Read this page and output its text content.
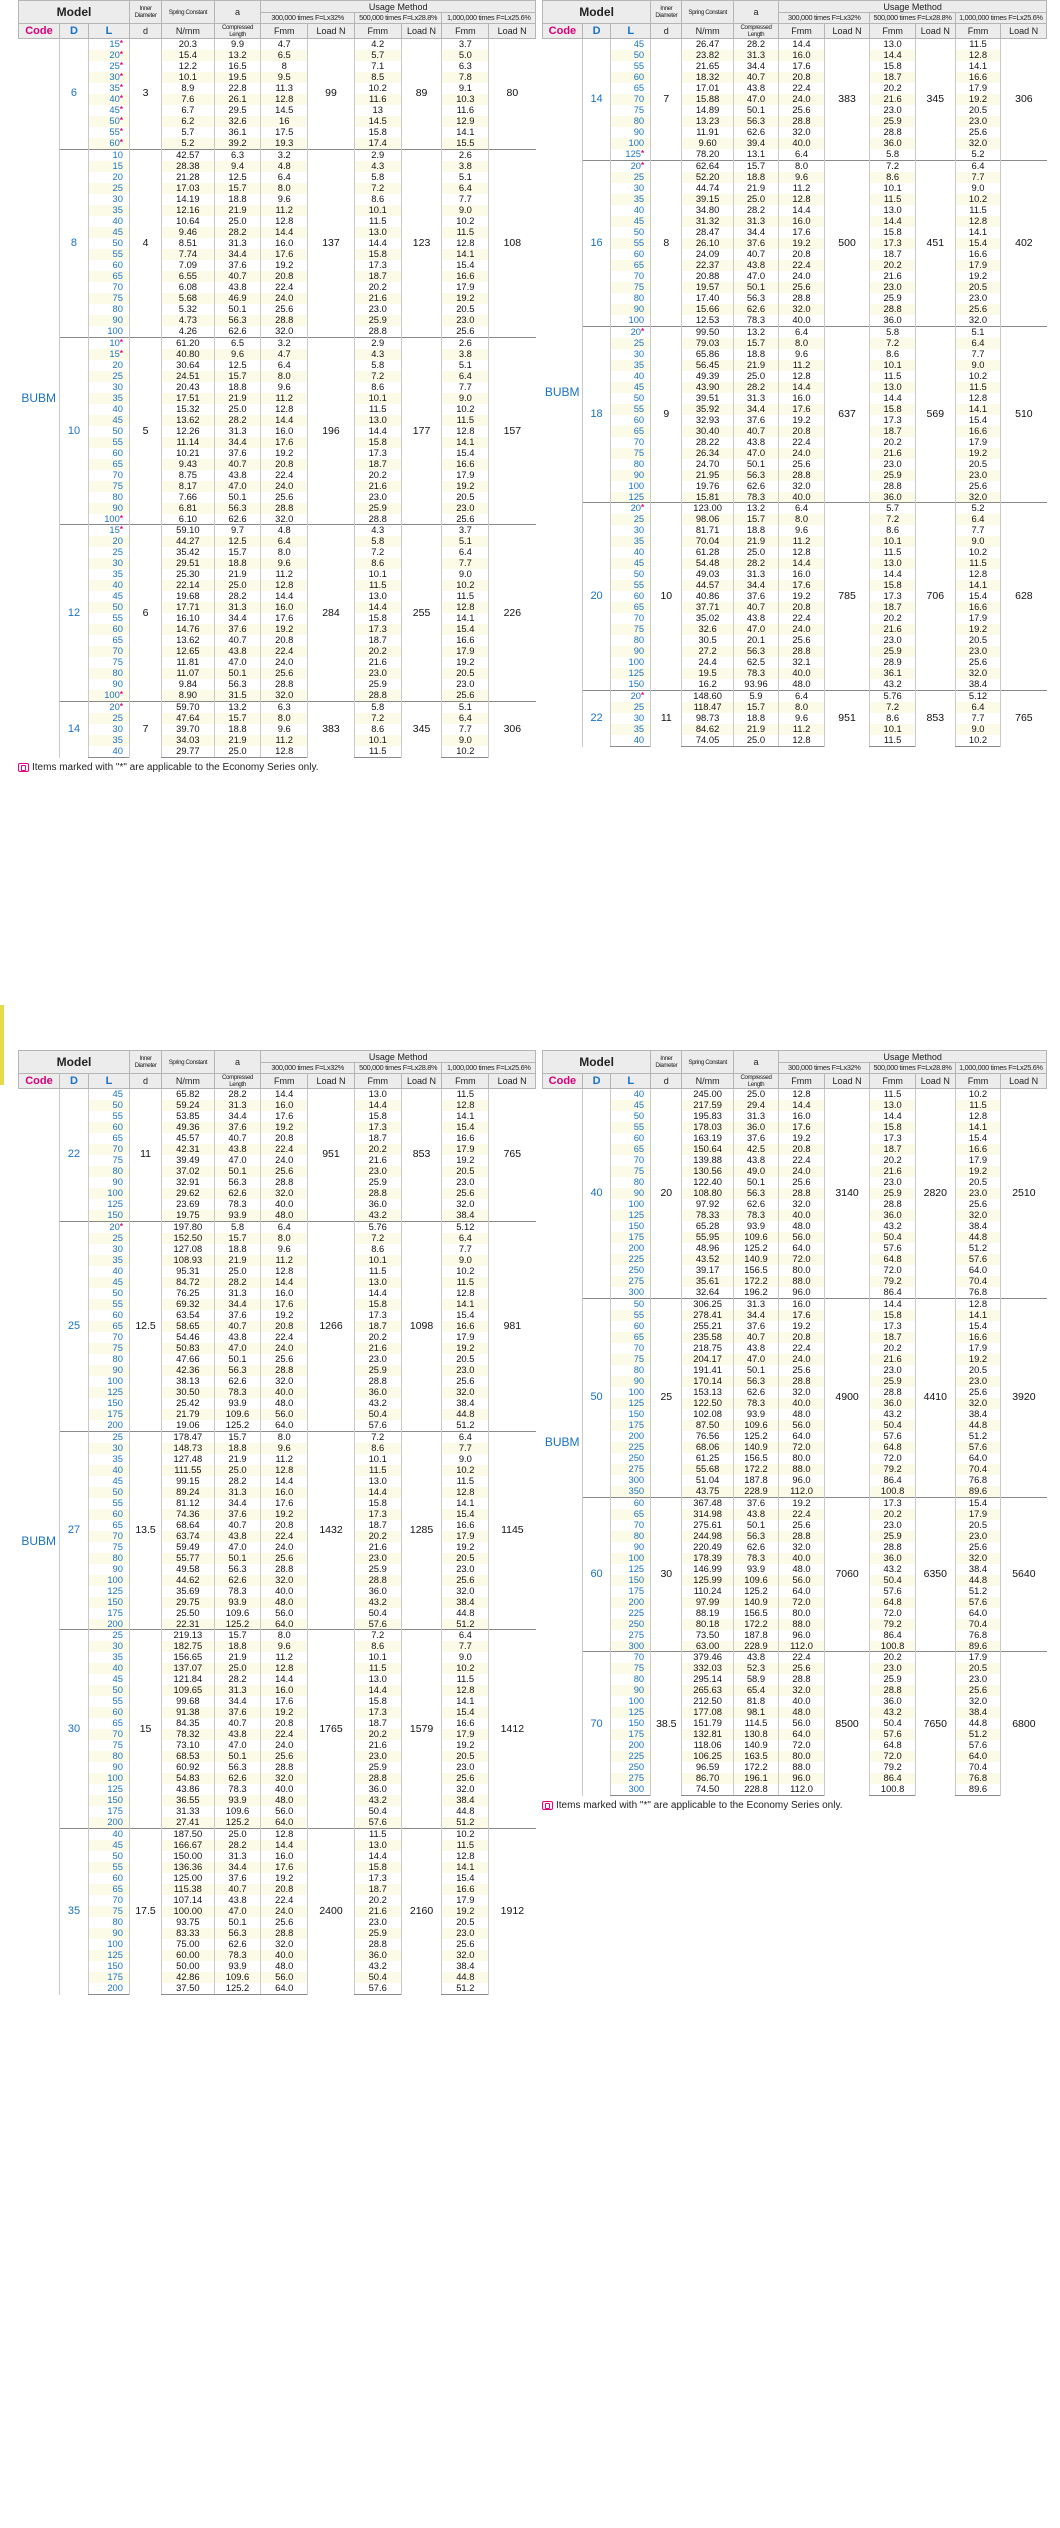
Model			Inner Diameter	Spring Constant	a	Usage Method					
						300,000 times F=Lx32%		500,000 times F=Lx28.8%		1,000,000 times F=Lx25.6%	
Code	D	L	d	N/mm	Compressed Length	Fmm	Load N	Fmm	Load N	Fmm	Load N
BUBM	6	15*	3	20.3	9.9	4.7	99	4.2	89	3.7	80
		20*		15.4	13.2	6.5		5.7		5.0	
		25*		12.2	16.5	8		7.1		6.3	
		30*		10.1	19.5	9.5		8.5		7.8	
		35*		8.9	22.8	11.3		10.2		9.1	
		40*		7.6	26.1	12.8		11.6		10.3	
		45*		6.7	29.5	14.5		13		11.6	
		50*		6.2	32.6	16		14.5		12.9	
		55*		5.7	36.1	17.5		15.8		14.1	
		60*		5.2	39.2	19.3		17.4		15.5	
	8	10	4	42.57	6.3	3.2	137	2.9	123	2.6	108
		15		28.38	9.4	4.8		4.3		3.8	
		20		21.28	12.5	6.4		5.8		5.1	
		25		17.03	15.7	8.0		7.2		6.4	
		30		14.19	18.8	9.6		8.6		7.7	
		35		12.16	21.9	11.2		10.1		9.0	
		40		10.64	25.0	12.8		11.5		10.2	
		45		9.46	28.2	14.4		13.0		11.5	
		50		8.51	31.3	16.0		14.4		12.8	
		55		7.74	34.4	17.6		15.8		14.1	
		60		7.09	37.6	19.2		17.3		15.4	
		65		6.55	40.7	20.8		18.7		16.6	
		70		6.08	43.8	22.4		20.2		17.9	
		75		5.68	46.9	24.0		21.6		19.2	
		80		5.32	50.1	25.6		23.0		20.5	
		90		4.73	56.3	28.8		25.9		23.0	
		100		4.26	62.6	32.0		28.8		25.6	
	10	10*	5	61.20	6.5	3.2	196	2.9	177	2.6	157
		15*		40.80	9.6	4.7		4.3		3.8	
		20		30.64	12.5	6.4		5.8		5.1	
		25		24.51	15.7	8.0		7.2		6.4	
		30		20.43	18.8	9.6		8.6		7.7	
		35		17.51	21.9	11.2		10.1		9.0	
		40		15.32	25.0	12.8		11.5		10.2	
		45		13.62	28.2	14.4		13.0		11.5	
		50		12.26	31.3	16.0		14.4		12.8	
		55		11.14	34.4	17.6		15.8		14.1	
		60		10.21	37.6	19.2		17.3		15.4	
		65		9.43	40.7	20.8		18.7		16.6	
		70		8.75	43.8	22.4		20.2		17.9	
		75		8.17	47.0	24.0		21.6		19.2	
		80		7.66	50.1	25.6		23.0		20.5	
		90		6.81	56.3	28.8		25.9		23.0	
		100*		6.10	62.6	32.0		28.8		25.6	
	12	15*	6	59.10	9.7	4.8	284	4.3	255	3.7	226
		20		44.27	12.5	6.4		5.8		5.1	
		25		35.42	15.7	8.0		7.2		6.4	
		30		29.51	18.8	9.6		8.6		7.7	
		35		25.30	21.9	11.2		10.1		9.0	
		40		22.14	25.0	12.8		11.5		10.2	
		45		19.68	28.2	14.4		13.0		11.5	
		50		17.71	31.3	16.0		14.4		12.8	
		55		16.10	34.4	17.6		15.8		14.1	
		60		14.76	37.6	19.2		17.3		15.4	
		65		13.62	40.7	20.8		18.7		16.6	
		70		12.65	43.8	22.4		20.2		17.9	
		75		11.81	47.0	24.0		21.6		19.2	
		80		11.07	50.1	25.6		23.0		20.5	
		90		9.84	56.3	28.8		25.9		23.0	
		100*		8.90	31.5	32.0		28.8		25.6	
	14	20*	7	59.70	13.2	6.3	383	5.8	345	5.1	306
		25		47.64	15.7	8.0		7.2		6.4	
		30		39.70	18.8	9.6		8.6		7.7	
		35		34.03	21.9	11.2		10.1		9.0	
		40		29.77	25.0	12.8		11.5		10.2	
Items marked with "*" are applicable to the Economy Series only.
Model			Inner Diameter	Spring Constant	a	Usage Method					
						300,000 times F=Lx32%		500,000 times F=Lx28.8%		1,000,000 times F=Lx25.6%	
Code	D	L	d	N/mm	Compressed Length	Fmm	Load N	Fmm	Load N	Fmm	Load N
BUBM	14	45	7	26.47	28.2	14.4	383	13.0	345	11.5	306
		50		23.82	31.3	16.0		14.4		12.8	
		55		21.65	34.4	17.6		15.8		14.1	
		60		18.32	40.7	20.8		18.7		16.6	
		65		17.01	43.8	22.4		20.2		17.9	
		70		15.88	47.0	24.0		21.6		19.2	
		75		14.89	50.1	25.6		23.0		20.5	
		80		13.23	56.3	28.8		25.9		23.0	
		90		11.91	62.6	32.0		28.8		25.6	
		100		9.60	39.4	40.0		36.0		32.0	
		125*		78.20	13.1	6.4		5.8		5.2	
	16	20*	8	62.64	15.7	8.0	500	7.2	451	6.4	402
		25		52.20	18.8	9.6		8.6		7.7	
		30		44.74	21.9	11.2		10.1		9.0	
		35		39.15	25.0	12.8		11.5		10.2	
		40		34.80	28.2	14.4		13.0		11.5	
		45		31.32	31.3	16.0		14.4		12.8	
		50		28.47	34.4	17.6		15.8		14.1	
		55		26.10	37.6	19.2		17.3		15.4	
		60		24.09	40.7	20.8		18.7		16.6	
		65		22.37	43.8	22.4		20.2		17.9	
		70		20.88	47.0	24.0		21.6		19.2	
		75		19.57	50.1	25.6		23.0		20.5	
		80		17.40	56.3	28.8		25.9		23.0	
		90		15.66	62.6	32.0		28.8		25.6	
		100		12.53	78.3	40.0		36.0		32.0	
	18	20*	9	99.50	13.2	6.4	637	5.8	569	5.1	510
		25		79.03	15.7	8.0		7.2		6.4	
		30		65.86	18.8	9.6		8.6		7.7	
		35		56.45	21.9	11.2		10.1		9.0	
		40		49.39	25.0	12.8		11.5		10.2	
		45		43.90	28.2	14.4		13.0		11.5	
		50		39.51	31.3	16.0		14.4		12.8	
		55		35.92	34.4	17.6		15.8		14.1	
		60		32.93	37.6	19.2		17.3		15.4	
		65		30.40	40.7	20.8		18.7		16.6	
		70		28.22	43.8	22.4		20.2		17.9	
		75		26.34	47.0	24.0		21.6		19.2	
		80		24.70	50.1	25.6		23.0		20.5	
		90		21.95	56.3	28.8		25.9		23.0	
		100		19.76	62.6	32.0		28.8		25.6	
		125		15.81	78.3	40.0		36.0		32.0	
	20	20*	10	123.00	13.2	6.4	785	5.7	706	5.2	628
		25		98.06	15.7	8.0		7.2		6.4	
		30		81.71	18.8	9.6		8.6		7.7	
		35		70.04	21.9	11.2		10.1		9.0	
		40		61.28	25.0	12.8		11.5		10.2	
		45		54.48	28.2	14.4		13.0		11.5	
		50		49.03	31.3	16.0		14.4		12.8	
		55		44.57	34.4	17.6		15.8		14.1	
		60		40.86	37.6	19.2		17.3		15.4	
		65		37.71	40.7	20.8		18.7		16.6	
		70		35.02	43.8	22.4		20.2		17.9	
		75		32.6	47.0	24.0		21.6		19.2	
		80		30.5	20.1	25.6		23.0		20.5	
		90		27.2	56.3	28.8		25.9		23.0	
		100		24.4	62.5	32.1		28.9		25.6	
		125		19.5	78.3	40.0		36.1		32.0	
		150		16.2	93.96	48.0		43.2		38.4	
	22	20*	11	148.60	5.9	6.4	951	5.76	853	5.12	765
		25		118.47	15.7	8.0		7.2		6.4	
		30		98.73	18.8	9.6		8.6		7.7	
		35		84.62	21.9	11.2		10.1		9.0	
		40		74.05	25.0	12.8		11.5		10.2	
Model			Inner Diameter	Spring Constant	a	Usage Method					
						300,000 times F=Lx32%		500,000 times F=Lx28.8%		1,000,000 times F=Lx25.6%	
Code	D	L	d	N/mm	Compressed Length	Fmm	Load N	Fmm	Load N	Fmm	Load N
BUBM	22	45	11	65.82	28.2	14.4	951	13.0	853	11.5	765
		50		59.24	31.3	16.0		14.4		12.8	
		55		53.85	34.4	17.6		15.8		14.1	
		60		49.36	37.6	19.2		17.3		15.4	
		65		45.57	40.7	20.8		18.7		16.6	
		70		42.31	43.8	22.4		20.2		17.9	
		75		39.49	47.0	24.0		21.6		19.2	
		80		37.02	50.1	25.6		23.0		20.5	
		90		32.91	56.3	28.8		25.9		23.0	
		100		29.62	62.6	32.0		28.8		25.6	
		125		23.69	78.3	40.0		36.0		32.0	
		150		19.75	93.9	48.0		43.2		38.4	
	25	20*	12.5	197.80	5.8	6.4	1266	5.76	1098	5.12	981
		25		152.50	15.7	8.0		7.2		6.4	
		30		127.08	18.8	9.6		8.6		7.7	
		35		108.93	21.9	11.2		10.1		9.0	
		40		95.31	25.0	12.8		11.5		10.2	
		45		84.72	28.2	14.4		13.0		11.5	
		50		76.25	31.3	16.0		14.4		12.8	
		55		69.32	34.4	17.6		15.8		14.1	
		60		63.54	37.6	19.2		17.3		15.4	
		65		58.65	40.7	20.8		18.7		16.6	
		70		54.46	43.8	22.4		20.2		17.9	
		75		50.83	47.0	24.0		21.6		19.2	
		80		47.66	50.1	25.6		23.0		20.5	
		90		42.36	56.3	28.8		25.9		23.0	
		100		38.13	62.6	32.0		28.8		25.6	
		125		30.50	78.3	40.0		36.0		32.0	
		150		25.42	93.9	48.0		43.2		38.4	
		175		21.79	109.6	56.0		50.4		44.8	
		200		19.06	125.2	64.0		57.6		51.2	
	27	25	13.5	178.47	15.7	8.0	1432	7.2	1285	6.4	1145
		30		148.73	18.8	9.6		8.6		7.7	
		35		127.48	21.9	11.2		10.1		9.0	
		40		111.55	25.0	12.8		11.5		10.2	
		45		99.15	28.2	14.4		13.0		11.5	
		50		89.24	31.3	16.0		14.4		12.8	
		55		81.12	34.4	17.6		15.8		14.1	
		60		74.36	37.6	19.2		17.3		15.4	
		65		68.64	40.7	20.8		18.7		16.6	
		70		63.74	43.8	22.4		20.2		17.9	
		75		59.49	47.0	24.0		21.6		19.2	
		80		55.77	50.1	25.6		23.0		20.5	
		90		49.58	56.3	28.8		25.9		23.0	
		100		44.62	62.6	32.0		28.8		25.6	
		125		35.69	78.3	40.0		36.0		32.0	
		150		29.75	93.9	48.0		43.2		38.4	
		175		25.50	109.6	56.0		50.4		44.8	
		200		22.31	125.2	64.0		57.6		51.2	
	30	25	15	219.13	15.7	8.0	1765	7.2	1579	6.4	1412
		30		182.75	18.8	9.6		8.6		7.7	
		35		156.65	21.9	11.2		10.1		9.0	
		40		137.07	25.0	12.8		11.5		10.2	
		45		121.84	28.2	14.4		13.0		11.5	
		50		109.65	31.3	16.0		14.4		12.8	
		55		99.68	34.4	17.6		15.8		14.1	
		60		91.38	37.6	19.2		17.3		15.4	
		65		84.35	40.7	20.8		18.7		16.6	
		70		78.32	43.8	22.4		20.2		17.9	
		75		73.10	47.0	24.0		21.6		19.2	
		80		68.53	50.1	25.6		23.0		20.5	
		90		60.92	56.3	28.8		25.9		23.0	
		100		54.83	62.6	32.0		28.8		25.6	
		125		43.86	78.3	40.0		36.0		32.0	
		150		36.55	93.9	48.0		43.2		38.4	
		175		31.33	109.6	56.0		50.4		44.8	
		200		27.41	125.2	64.0		57.6		51.2	
	35	40	17.5	187.50	25.0	12.8	2400	11.5	2160	10.2	1912
		45		166.67	28.2	14.4		13.0		11.5	
		50		150.00	31.3	16.0		14.4		12.8	
		55		136.36	34.4	17.6		15.8		14.1	
		60		125.00	37.6	19.2		17.3		15.4	
		65		115.38	40.7	20.8		18.7		16.6	
		70		107.14	43.8	22.4		20.2		17.9	
		75		100.00	47.0	24.0		21.6		19.2	
		80		93.75	50.1	25.6		23.0		20.5	
		90		83.33	56.3	28.8		25.9		23.0	
		100		75.00	62.6	32.0		28.8		25.6	
		125		60.00	78.3	40.0		36.0		32.0	
		150		50.00	93.9	48.0		43.2		38.4	
		175		42.86	109.6	56.0		50.4		44.8	
		200		37.50	125.2	64.0		57.6		51.2	
Model			Inner Diameter	Spring Constant	a	Usage Method					
						300,000 times F=Lx32%		500,000 times F=Lx28.8%		1,000,000 times F=Lx25.6%	
Code	D	L	d	N/mm	Compressed Length	Fmm	Load N	Fmm	Load N	Fmm	Load N
BUBM	40	40	20	245.00	25.0	12.8	3140	11.5	2820	10.2	2510
		45		217.59	29.4	14.4		13.0		11.5	
		50		195.83	31.3	16.0		14.4		12.8	
		55		178.03	36.0	17.6		15.8		14.1	
		60		163.19	37.6	19.2		17.3		15.4	
		65		150.64	42.5	20.8		18.7		16.6	
		70		139.88	43.8	22.4		20.2		17.9	
		75		130.56	49.0	24.0		21.6		19.2	
		80		122.40	50.1	25.6		23.0		20.5	
		90		108.80	56.3	28.8		25.9		23.0	
		100		97.92	62.6	32.0		28.8		25.6	
		125		78.33	78.3	40.0		36.0		32.0	
		150		65.28	93.9	48.0		43.2		38.4	
		175		55.95	109.6	56.0		50.4		44.8	
		200		48.96	125.2	64.0		57.6		51.2	
		225		43.52	140.9	72.0		64.8		57.6	
		250		39.17	156.5	80.0		72.0		64.0	
		275		35.61	172.2	88.0		79.2		70.4	
		300		32.64	196.2	96.0		86.4		76.8	
	50	50	25	306.25	31.3	16.0	4900	14.4	4410	12.8	3920
		55		278.41	34.4	17.6		15.8		14.1	
		60		255.21	37.6	19.2		17.3		15.4	
		65		235.58	40.7	20.8		18.7		16.6	
		70		218.75	43.8	22.4		20.2		17.9	
		75		204.17	47.0	24.0		21.6		19.2	
		80		191.41	50.1	25.6		23.0		20.5	
		90		170.14	56.3	28.8		25.9		23.0	
		100		153.13	62.6	32.0		28.8		25.6	
		125		122.50	78.3	40.0		36.0		32.0	
		150		102.08	93.9	48.0		43.2		38.4	
		175		87.50	109.6	56.0		50.4		44.8	
		200		76.56	125.2	64.0		57.6		51.2	
		225		68.06	140.9	72.0		64.8		57.6	
		250		61.25	156.5	80.0		72.0		64.0	
		275		55.68	172.2	88.0		79.2		70.4	
		300		51.04	187.8	96.0		86.4		76.8	
		350		43.75	228.9	112.0		100.8		89.6	
	60	60	30	367.48	37.6	19.2	7060	17.3	6350	15.4	5640
		65		314.98	43.8	22.4		20.2		17.9	
		70		275.61	50.1	25.6		23.0		20.5	
		80		244.98	56.3	28.8		25.9		23.0	
		90		220.49	62.6	32.0		28.8		25.6	
		100		178.39	78.3	40.0		36.0		32.0	
		125		146.99	93.9	48.0		43.2		38.4	
		150		125.99	109.6	56.0		50.4		44.8	
		175		110.24	125.2	64.0		57.6		51.2	
		200		97.99	140.9	72.0		64.8		57.6	
		225		88.19	156.5	80.0		72.0		64.0	
		250		80.18	172.2	88.0		79.2		70.4	
		275		73.50	187.8	96.0		86.4		76.8	
		300		63.00	228.9	112.0		100.8		89.6	
	70	70	38.5	379.46	43.8	22.4	8500	20.2	7650	17.9	6800
		75		332.03	52.3	25.6		23.0		20.5	
		80		295.14	58.9	28.8		25.9		23.0	
		90		265.63	65.4	32.0		28.8		25.6	
		100		212.50	81.8	40.0		36.0		32.0	
		125		177.08	98.1	48.0		43.2		38.4	
		150		151.79	114.5	56.0		50.4		44.8	
		175		132.81	130.8	64.0		57.6		51.2	
		200		118.06	140.9	72.0		64.8		57.6	
		225		106.25	163.5	80.0		72.0		64.0	
		250		96.59	172.2	88.0		79.2		70.4	
		275		86.70	196.1	96.0		86.4		76.8	
		300		74.50	228.8	112.0		100.8		89.6	
Items marked with "*" are applicable to the Economy Series only.
